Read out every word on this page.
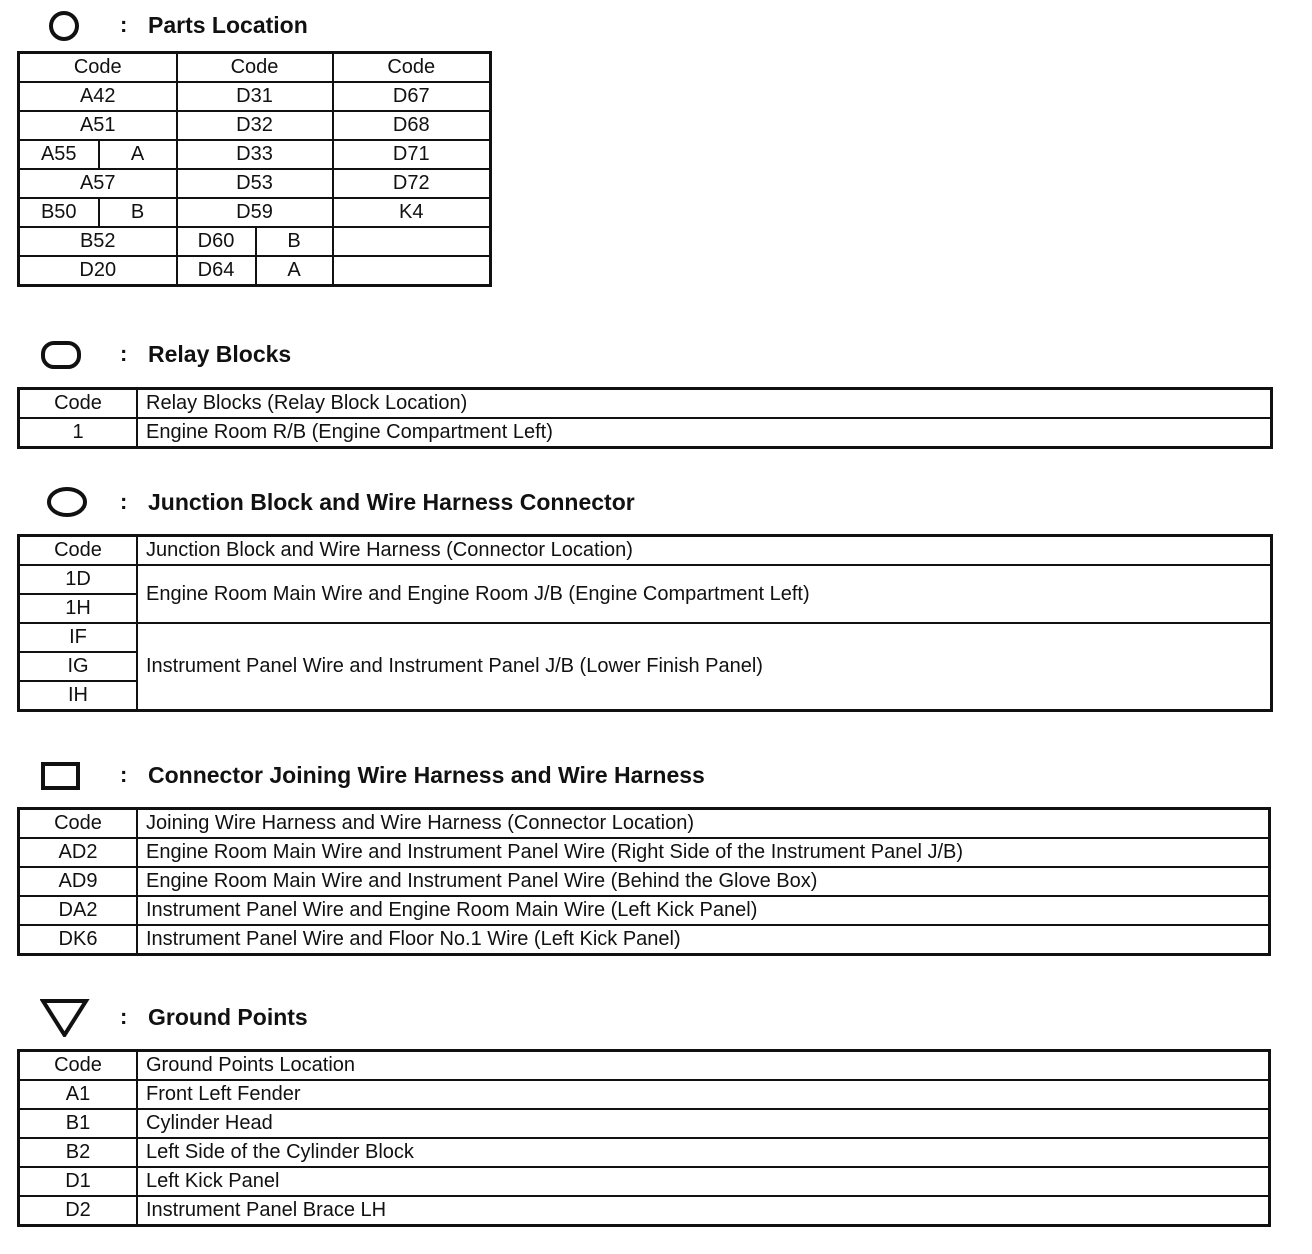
: Parts Location
Code		Code		Code
A42		D31		D67
A51		D32		D68
A55	A	D33		D71
A57		D53		D72
B50	B	D59		K4
B52		D60	B	
D20		D64	A	
: Relay Blocks
Code	Relay Blocks (Relay Block Location)
1	Engine Room R/B (Engine Compartment Left)
: Junction Block and Wire Harness Connector
Code	Junction Block and Wire Harness (Connector Location)
1D	Engine Room Main Wire and Engine Room J/B (Engine Compartment Left)
1H	
IF	Instrument Panel Wire and Instrument Panel J/B (Lower Finish Panel)
IG	
IH	
: Connector Joining Wire Harness and Wire Harness
Code	Joining Wire Harness and Wire Harness (Connector Location)
AD2	Engine Room Main Wire and Instrument Panel Wire (Right Side of the Instrument Panel J/B)
AD9	Engine Room Main Wire and Instrument Panel Wire (Behind the Glove Box)
DA2	Instrument Panel Wire and Engine Room Main Wire (Left Kick Panel)
DK6	Instrument Panel Wire and Floor No.1 Wire (Left Kick Panel)
: Ground Points
Code	Ground Points Location
A1	Front Left Fender
B1	Cylinder Head
B2	Left Side of the Cylinder Block
D1	Left Kick Panel
D2	Instrument Panel Brace LH
